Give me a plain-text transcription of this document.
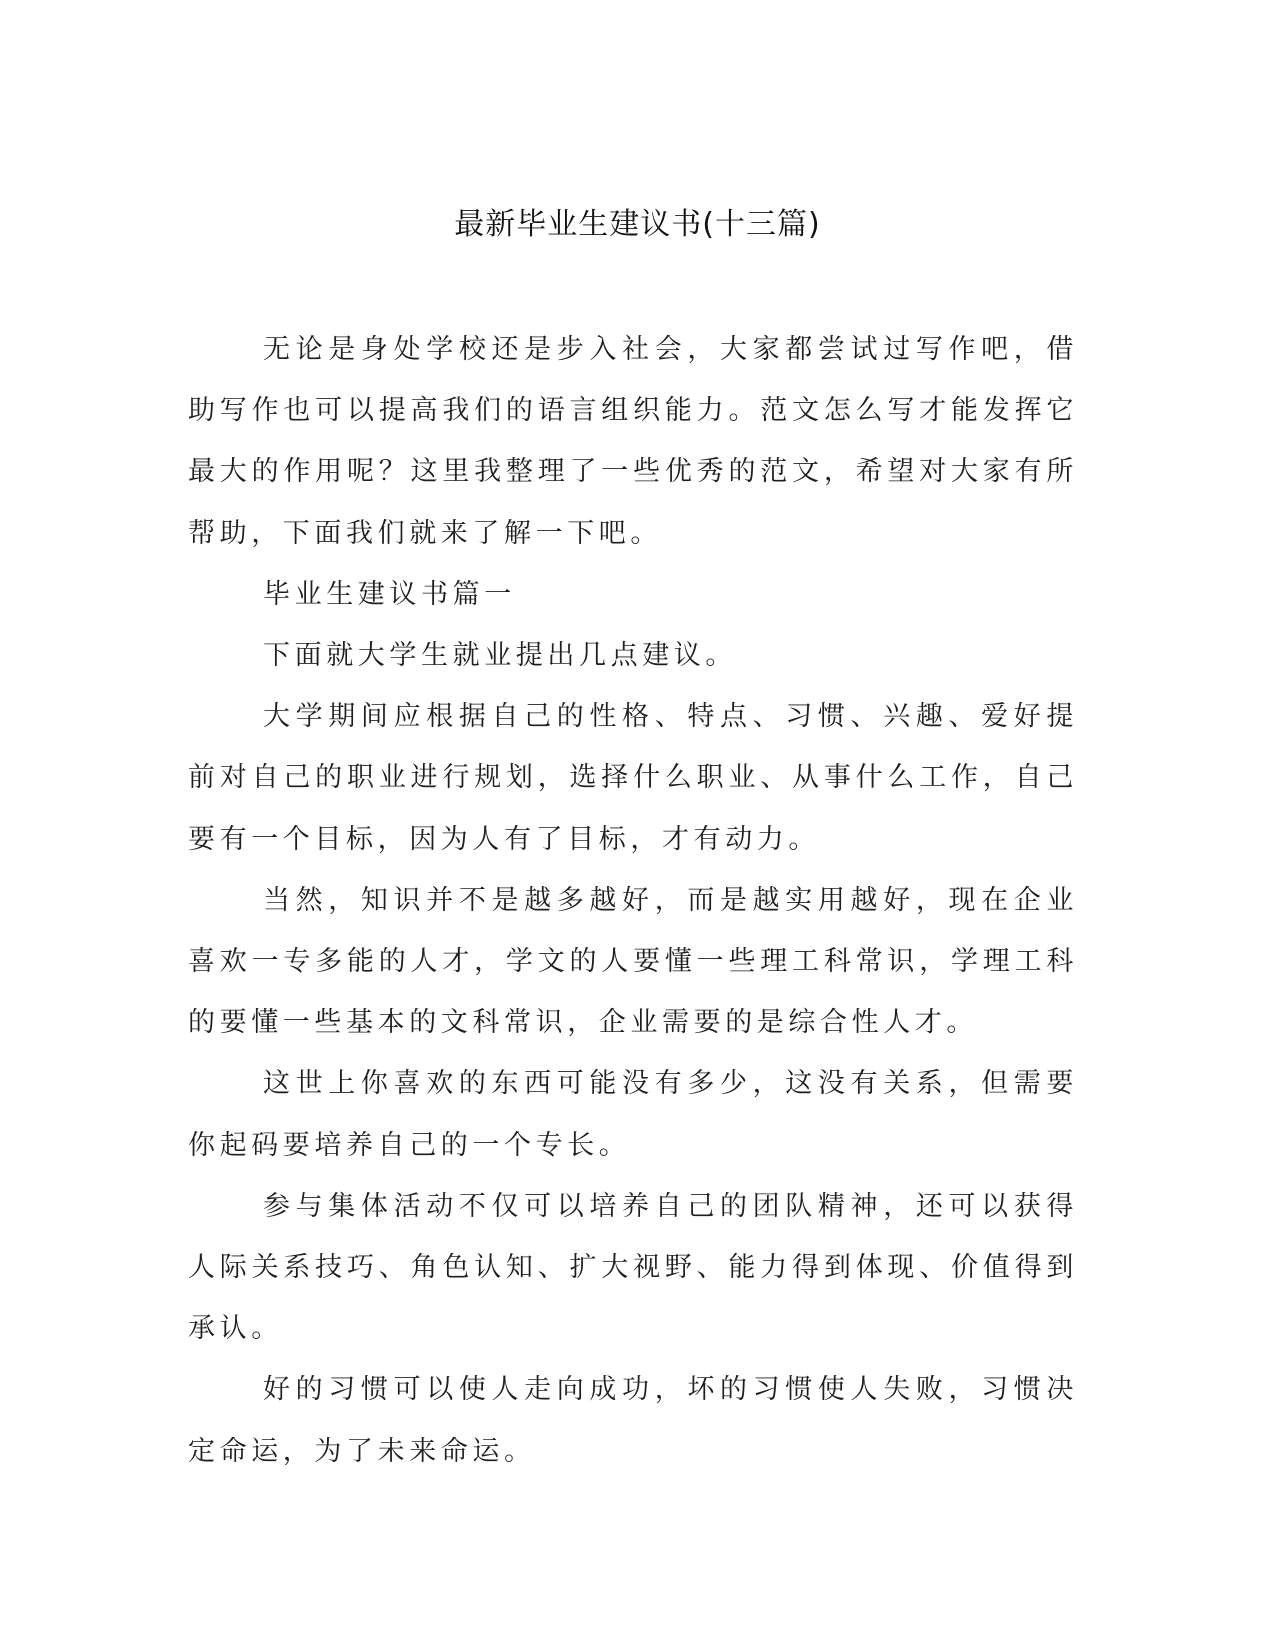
最新毕业生建议书(十三篇)

无论是身处学校还是步入社会，大家都尝试过写作吧，借助写作也可以提高我们的语言组织能力。范文怎么写才能发挥它最大的作用呢？这里我整理了一些优秀的范文，希望对大家有所帮助，下面我们就来了解一下吧。

毕业生建议书篇一

下面就大学生就业提出几点建议。

大学期间应根据自己的性格、特点、习惯、兴趣、爱好提前对自己的职业进行规划，选择什么职业、从事什么工作，自己要有一个目标，因为人有了目标，才有动力。

当然，知识并不是越多越好，而是越实用越好，现在企业喜欢一专多能的人才，学文的人要懂一些理工科常识，学理工科的要懂一些基本的文科常识，企业需要的是综合性人才。

这世上你喜欢的东西可能没有多少，这没有关系，但需要你起码要培养自己的一个专长。

参与集体活动不仅可以培养自己的团队精神，还可以获得人际关系技巧、角色认知、扩大视野、能力得到体现、价值得到承认。

好的习惯可以使人走向成功，坏的习惯使人失败，习惯决定命运，为了未来命运。
